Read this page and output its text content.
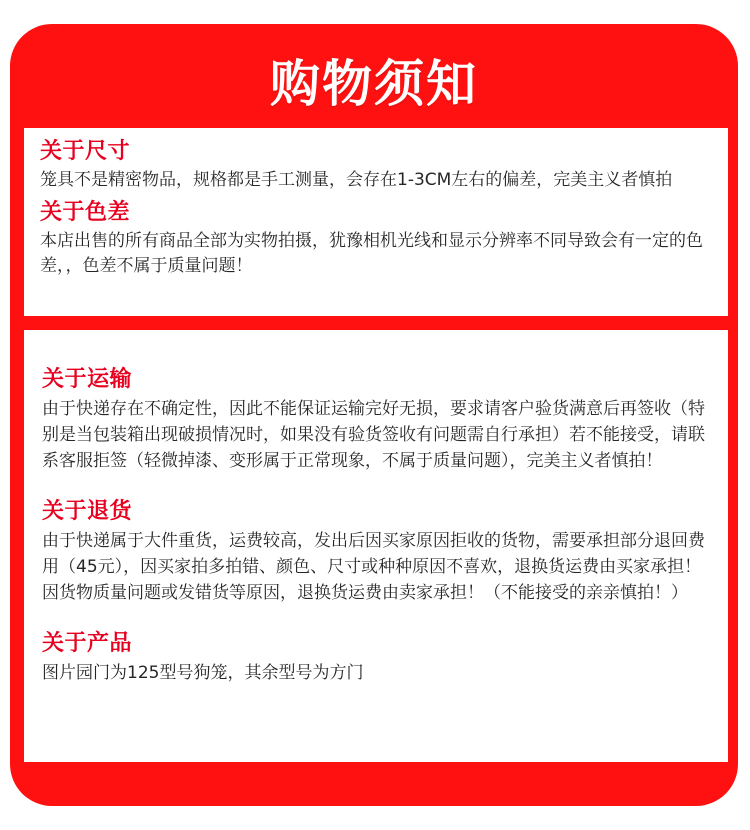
购物须知
关于尺寸
笼具不是精密物品，规格都是手工测量，会存在1-3CM左右的偏差，完美主义者慎拍
关于色差
本店出售的所有商品全部为实物拍摄，犹豫相机光线和显示分辨率不同导致会有一定的色差，，色差不属于质量问题！
关于运输
由于快递存在不确定性，因此不能保证运输完好无损，要求请客户验货满意后再签收（特别是当包装箱出现破损情况时，如果没有验货签收有问题需自行承担）若不能接受，请联系客服拒签（轻微掉漆、变形属于正常现象，不属于质量问题），完美主义者慎拍！
关于退货
由于快递属于大件重货，运费较高，发出后因买家原因拒收的货物，需要承担部分退回费用（45元），因买家拍多拍错、颜色、尺寸或种种原因不喜欢，退换货运费由买家承担！因货物质量问题或发错货等原因，退换货运费由卖家承担！（不能接受的亲亲慎拍！）
关于产品
图片园门为125型号狗笼，其余型号为方门
